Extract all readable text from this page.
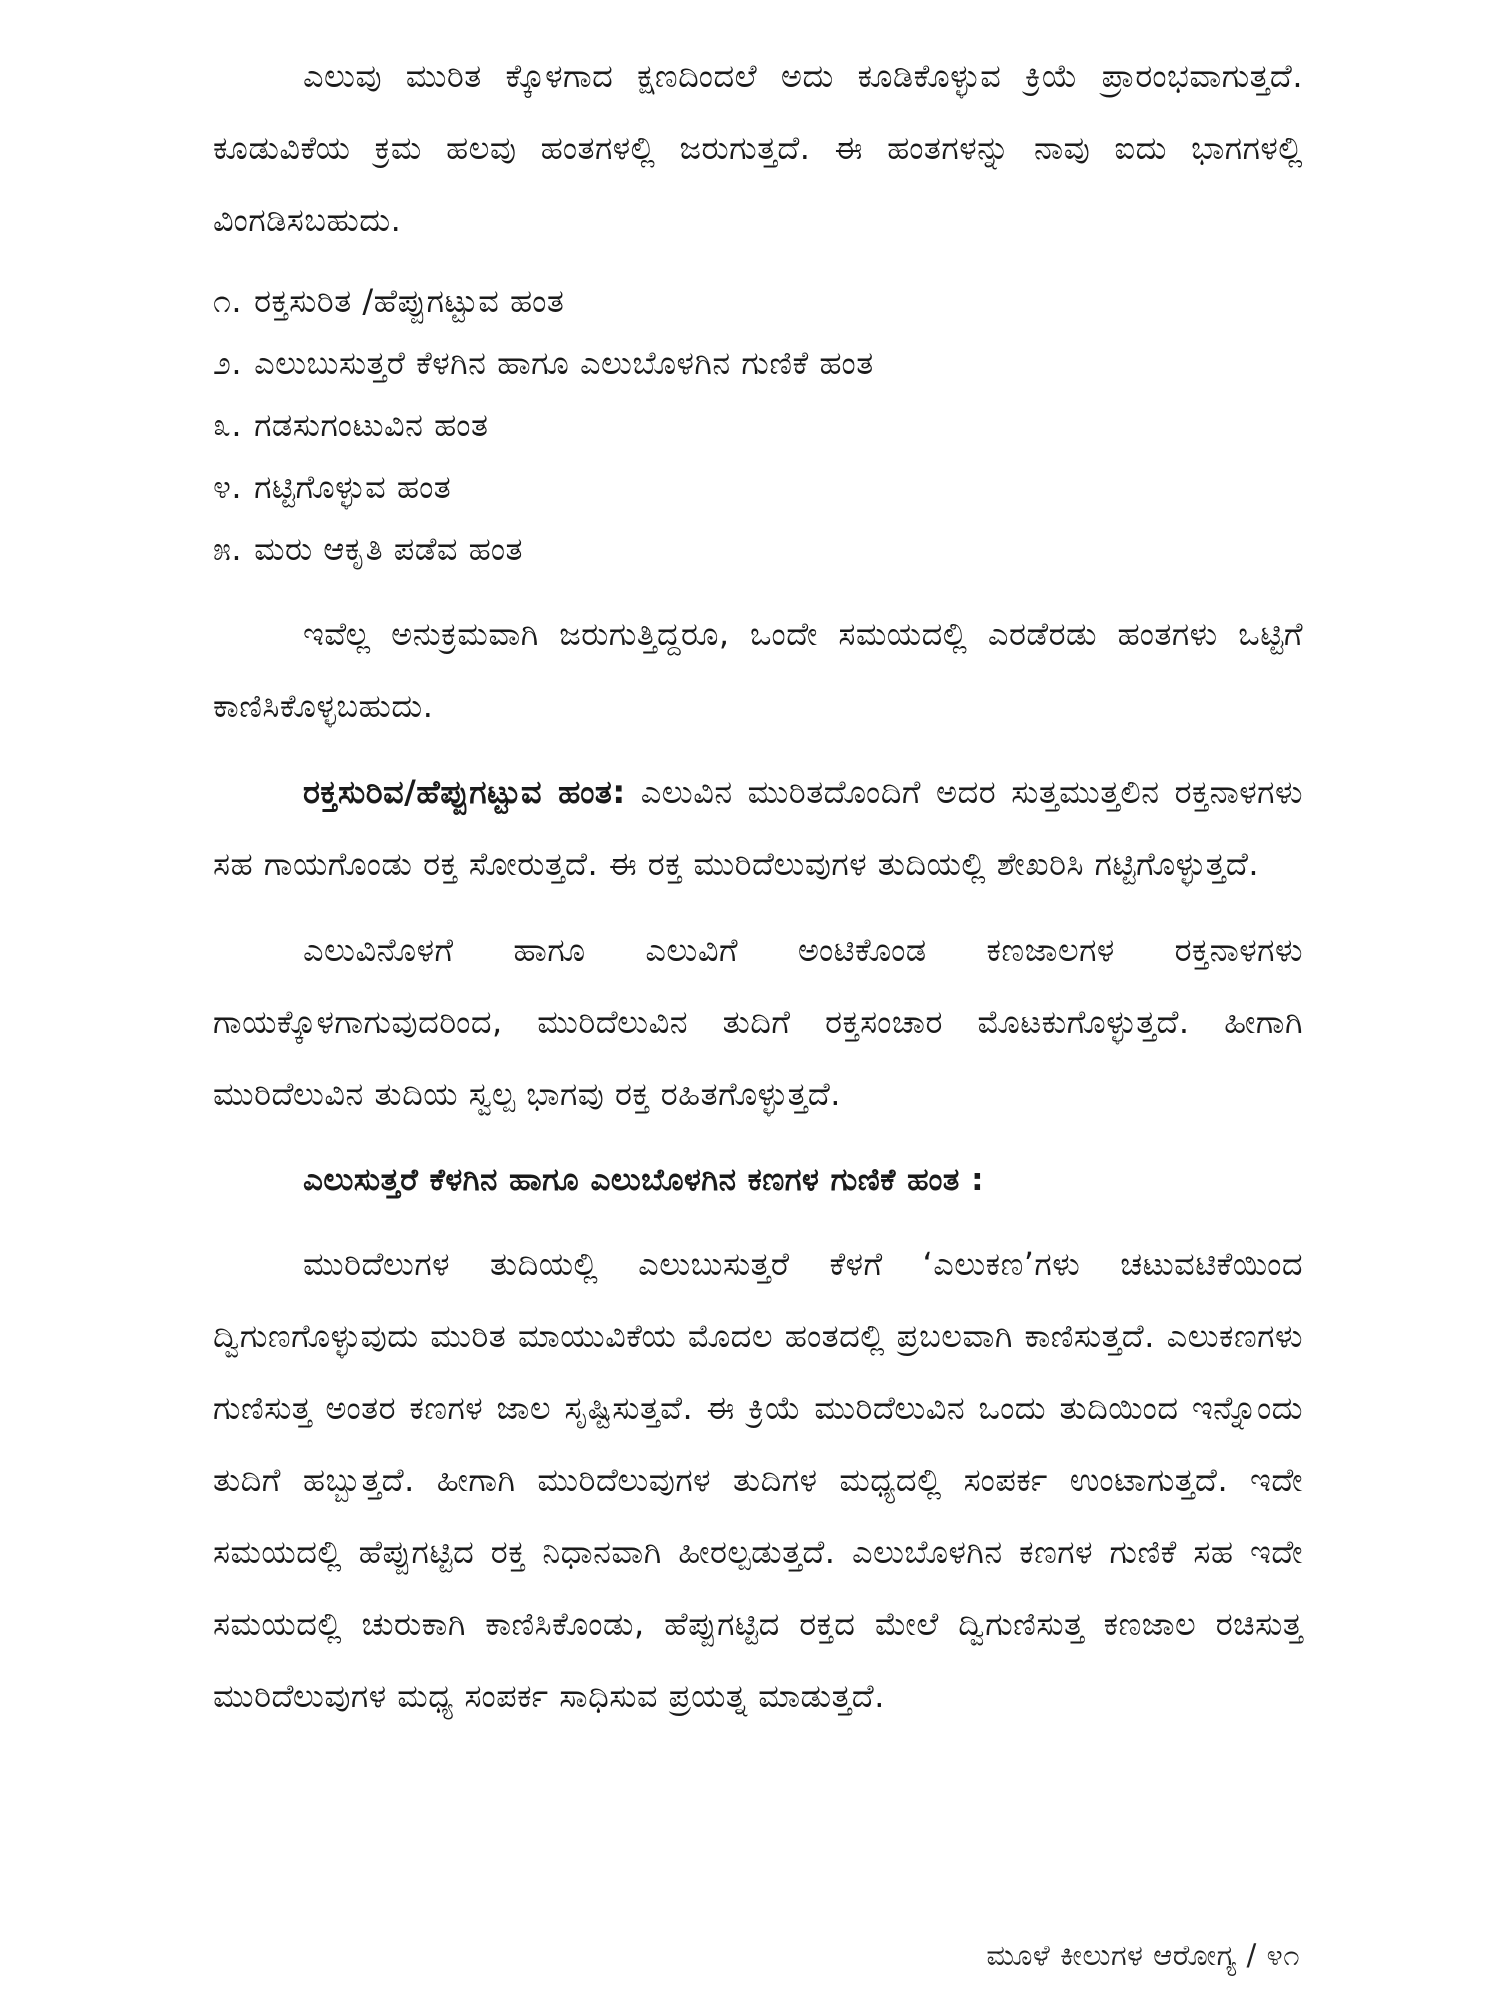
ಎಲುವು ಮುರಿತ ಕ್ಕೊಳಗಾದ ಕ್ಷಣದಿಂದಲೆ ಅದು ಕೂಡಿಕೊಳ್ಳುವ ಕ್ರಿಯೆ ಪ್ರಾರಂಭವಾಗುತ್ತದೆ. ಕೂಡುವಿಕೆಯ ಕ್ರಮ ಹಲವು ಹಂತಗಳಲ್ಲಿ ಜರುಗುತ್ತದೆ. ಈ ಹಂತಗಳನ್ನು ನಾವು ಐದು ಭಾಗಗಳಲ್ಲಿ ವಿಂಗಡಿಸಬಹುದು.

೧. ರಕ್ತಸುರಿತ /ಹೆಪ್ಪುಗಟ್ಟುವ ಹಂತ
೨. ಎಲುಬುಸುತ್ತರೆ ಕೆಳಗಿನ ಹಾಗೂ ಎಲುಬೊಳಗಿನ ಗುಣಿಕೆ ಹಂತ
೩. ಗಡಸುಗಂಟುವಿನ ಹಂತ
೪. ಗಟ್ಟಿಗೊಳ್ಳುವ ಹಂತ
೫. ಮರು ಆಕೃತಿ ಪಡೆವ ಹಂತ

ಇವೆಲ್ಲ ಅನುಕ್ರಮವಾಗಿ ಜರುಗುತ್ತಿದ್ದರೂ, ಒಂದೇ ಸಮಯದಲ್ಲಿ ಎರಡೆರಡು ಹಂತಗಳು ಒಟ್ಟಿಗೆ ಕಾಣಿಸಿಕೊಳ್ಳಬಹುದು.

ರಕ್ತಸುರಿವ/ಹೆಪ್ಪುಗಟ್ಟುವ ಹಂತ: ಎಲುವಿನ ಮುರಿತದೊಂದಿಗೆ ಅದರ ಸುತ್ತಮುತ್ತಲಿನ ರಕ್ತನಾಳಗಳು ಸಹ ಗಾಯಗೊಂಡು ರಕ್ತ ಸೋರುತ್ತದೆ. ಈ ರಕ್ತ ಮುರಿದೆಲುವುಗಳ ತುದಿಯಲ್ಲಿ ಶೇಖರಿಸಿ ಗಟ್ಟಿಗೊಳ್ಳುತ್ತದೆ.

ಎಲುವಿನೊಳಗೆ ಹಾಗೂ ಎಲುವಿಗೆ ಅಂಟಿಕೊಂಡ ಕಣಜಾಲಗಳ ರಕ್ತನಾಳಗಳು ಗಾಯಕ್ಕೊಳಗಾಗುವುದರಿಂದ, ಮುರಿದೆಲುವಿನ ತುದಿಗೆ ರಕ್ತಸಂಚಾರ ಮೊಟಕುಗೊಳ್ಳುತ್ತದೆ. ಹೀಗಾಗಿ ಮುರಿದೆಲುವಿನ ತುದಿಯ ಸ್ವಲ್ಪ ಭಾಗವು ರಕ್ತ ರಹಿತಗೊಳ್ಳುತ್ತದೆ.

ಎಲುಸುತ್ತರೆ ಕೆಳಗಿನ ಹಾಗೂ ಎಲುಬೊಳಗಿನ ಕಣಗಳ ಗುಣಿಕೆ ಹಂತ :

ಮುರಿದೆಲುಗಳ ತುದಿಯಲ್ಲಿ ಎಲುಬುಸುತ್ತರೆ ಕೆಳಗೆ ‘ಎಲುಕಣ’ಗಳು ಚಟುವಟಿಕೆಯಿಂದ ದ್ವಿಗುಣಗೊಳ್ಳುವುದು ಮುರಿತ ಮಾಯುವಿಕೆಯ ಮೊದಲ ಹಂತದಲ್ಲಿ ಪ್ರಬಲವಾಗಿ ಕಾಣಿಸುತ್ತದೆ. ಎಲುಕಣಗಳು ಗುಣಿಸುತ್ತ ಅಂತರ ಕಣಗಳ ಜಾಲ ಸೃಷ್ಟಿಸುತ್ತವೆ. ಈ ಕ್ರಿಯೆ ಮುರಿದೆಲುವಿನ ಒಂದು ತುದಿಯಿಂದ ಇನ್ನೊಂದು ತುದಿಗೆ ಹಬ್ಬುತ್ತದೆ. ಹೀಗಾಗಿ ಮುರಿದೆಲುವುಗಳ ತುದಿಗಳ ಮಧ್ಯದಲ್ಲಿ ಸಂಪರ್ಕ ಉಂಟಾಗುತ್ತದೆ. ಇದೇ ಸಮಯದಲ್ಲಿ ಹೆಪ್ಪುಗಟ್ಟಿದ ರಕ್ತ ನಿಧಾನವಾಗಿ ಹೀರಲ್ಪಡುತ್ತದೆ. ಎಲುಬೊಳಗಿನ ಕಣಗಳ ಗುಣಿಕೆ ಸಹ ಇದೇ ಸಮಯದಲ್ಲಿ ಚುರುಕಾಗಿ ಕಾಣಿಸಿಕೊಂಡು, ಹೆಪ್ಪುಗಟ್ಟಿದ ರಕ್ತದ ಮೇಲೆ ದ್ವಿಗುಣಿಸುತ್ತ ಕಣಜಾಲ ರಚಿಸುತ್ತ ಮುರಿದೆಲುವುಗಳ ಮಧ್ಯ ಸಂಪರ್ಕ ಸಾಧಿಸುವ ಪ್ರಯತ್ನ ಮಾಡುತ್ತದೆ.

ಮೂಳೆ ಕೀಲುಗಳ ಆರೋಗ್ಯ / ೪೧
